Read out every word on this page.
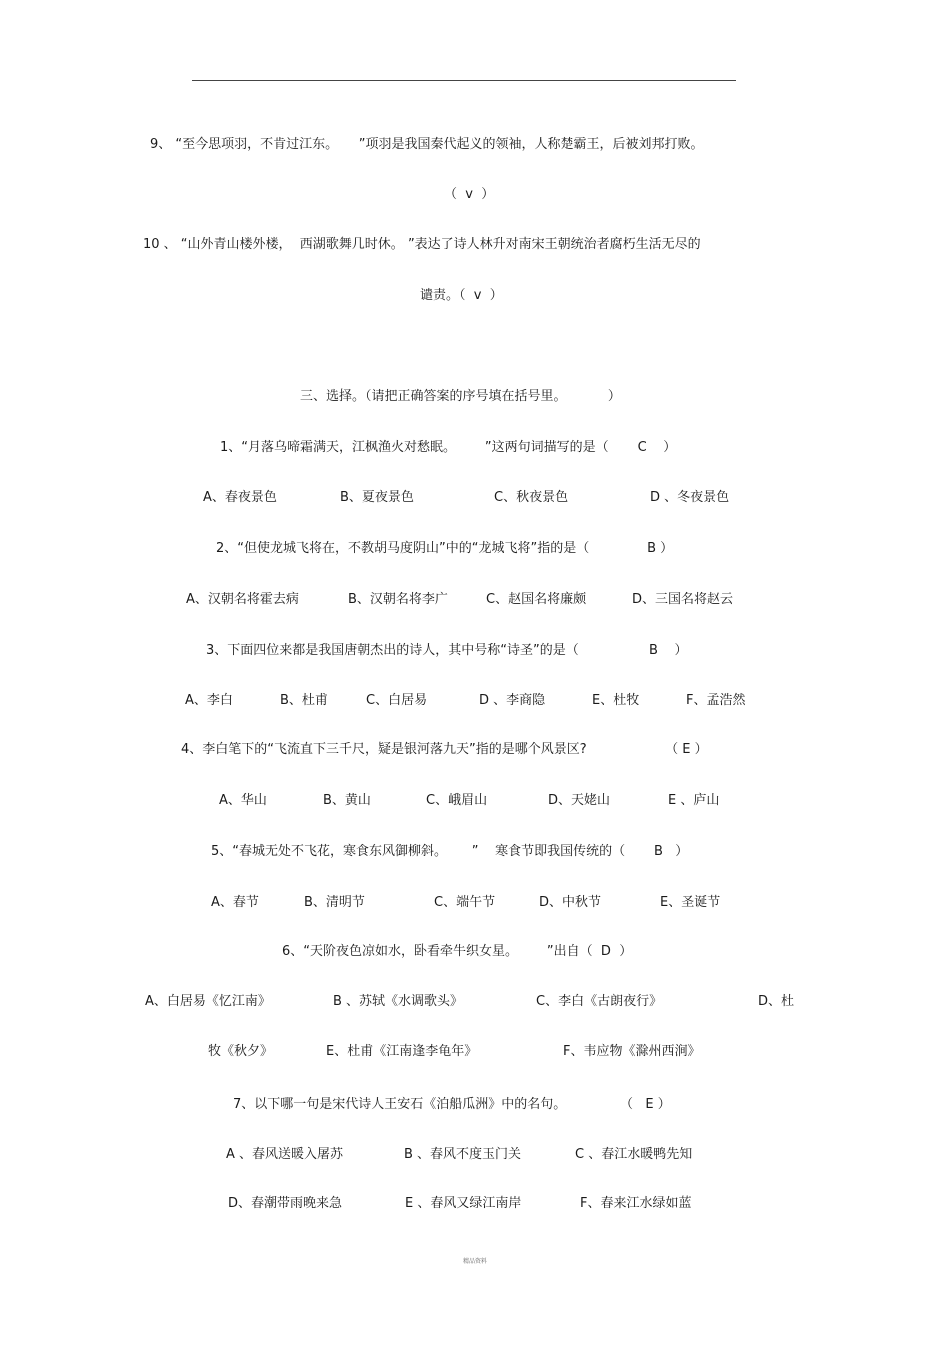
9、 “至今思项羽，不肯过江东。     ”项羽是我国秦代起义的领袖，人称楚霸王，后被刘邦打败。
（  v  ）
10 、 “山外青山楼外楼，  西湖歌舞几时休。 ”表达了诗人林升对南宋王朝统治者腐朽生活无尽的
谴责。（  v  ）
三、选择。（请把正确答案的序号填在括号里。          ）
1、“月落乌啼霜满天，江枫渔火对愁眠。       ”这两句词描写的是（       C    ）
A、春夜景色	B、夏夜景色	C、秋夜景色	D 、冬夜景色
2、“但使龙城飞将在，不教胡马度阴山”中的“龙城飞将”指的是（              B ）
A、汉朝名将霍去病	B、汉朝名将李广	C、赵国名将廉颇	D、三国名将赵云
3、下面四位来都是我国唐朝杰出的诗人，其中号称“诗圣”的是（                 B    ）
A、李白	B、杜甫	C、白居易	D 、李商隐	E、杜牧	F、孟浩然
4、李白笔下的“飞流直下三千尺，疑是银河落九天”指的是哪个风景区?                   （ E ）
A、华山	B、黄山	C、峨眉山	D、天姥山	E 、庐山
5、“春城无处不飞花，寒食东风御柳斜。      ”    寒食节即我国传统的（       B   ）
A、春节	B、清明节	C、端午节	D、中秋节	E、圣诞节
6、“天阶夜色凉如水，卧看牵牛织女星。       ”出自（  D  ）
A、白居易《忆江南》	B 、苏轼《水调歌头》	C、李白《古朗夜行》	D、杜
牧《秋夕》	E、杜甫《江南逢李龟年》	F、韦应物《滁州西涧》
7、以下哪一句是宋代诗人王安石《泊船瓜洲》中的名句。             （   E ）
A 、春风送暖入屠苏	B 、春风不度玉门关	C 、春江水暖鸭先知
D、春潮带雨晚来急	E 、春风又绿江南岸	F、春来江水绿如蓝
精品资料
